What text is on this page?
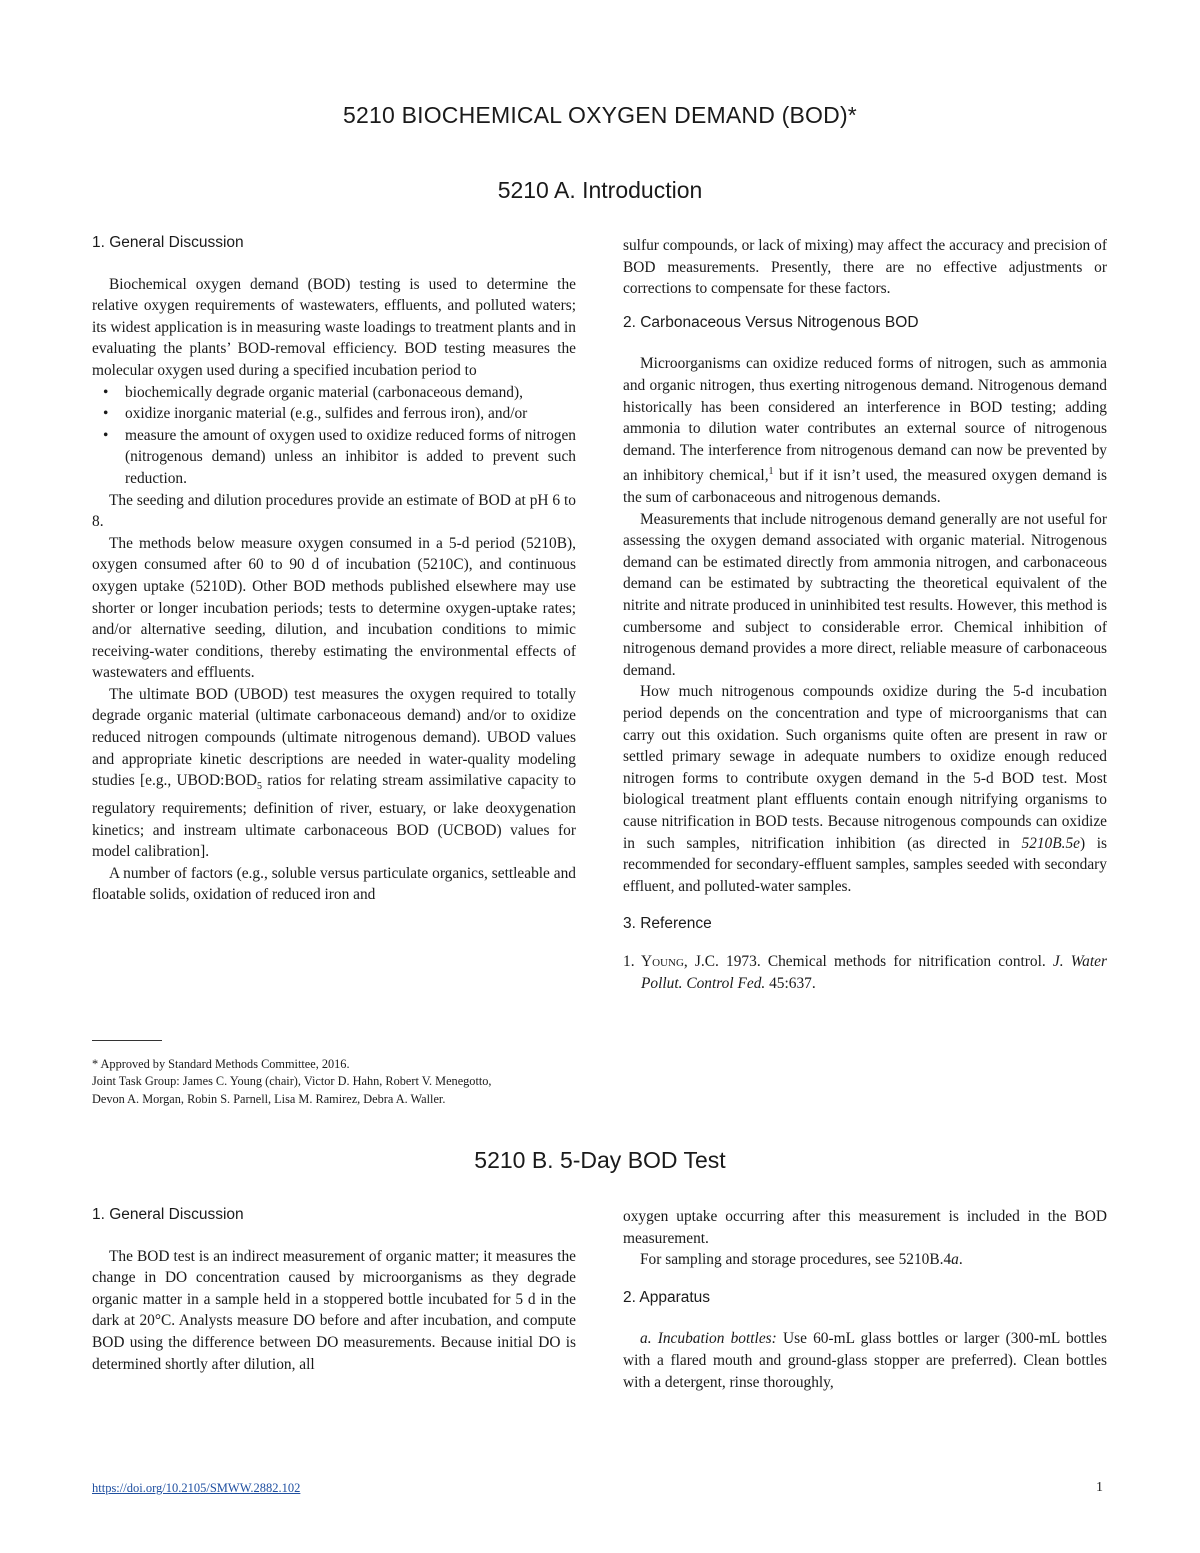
5210 BIOCHEMICAL OXYGEN DEMAND (BOD)*
5210 A. Introduction
1. General Discussion

Biochemical oxygen demand (BOD) testing is used to determine the relative oxygen requirements of wastewaters, effluents, and polluted waters; its widest application is in measuring waste loadings to treatment plants and in evaluating the plants’ BOD-removal efficiency. BOD testing measures the molecular oxygen used during a specified incubation period to

• biochemically degrade organic material (carbonaceous demand),
• oxidize inorganic material (e.g., sulfides and ferrous iron), and/or
• measure the amount of oxygen used to oxidize reduced forms of nitrogen (nitrogenous demand) unless an inhibitor is added to prevent such reduction.

The seeding and dilution procedures provide an estimate of BOD at pH 6 to 8.

The methods below measure oxygen consumed in a 5-d period (5210B), oxygen consumed after 60 to 90 d of incubation (5210C), and continuous oxygen uptake (5210D). Other BOD methods published elsewhere may use shorter or longer incubation periods; tests to determine oxygen-uptake rates; and/or alternative seeding, dilution, and incubation conditions to mimic receiving-water conditions, thereby estimating the environmental effects of wastewaters and effluents.

The ultimate BOD (UBOD) test measures the oxygen required to totally degrade organic material (ultimate carbonaceous demand) and/or to oxidize reduced nitrogen compounds (ultimate nitrogenous demand). UBOD values and appropriate kinetic descriptions are needed in water-quality modeling studies [e.g., $UBOD:BOD_5$ ratios for relating stream assimilative capacity to regulatory requirements; definition of river, estuary, or lake deoxygenation kinetics; and instream ultimate carbonaceous BOD (UCBOD) values for model calibration].

A number of factors (e.g., soluble versus particulate organics, settleable and floatable solids, oxidation of reduced iron and

* Approved by Standard Methods Committee, 2016.
Joint Task Group: James C. Young (chair), Victor D. Hahn, Robert V. Menegotto,
Devon A. Morgan, Robin S. Parnell, Lisa M. Ramirez, Debra A. Waller.

sulfur compounds, or lack of mixing) may affect the accuracy and precision of BOD measurements. Presently, there are no effective adjustments or corrections to compensate for these factors.

2. Carbonaceous Versus Nitrogenous BOD

Microorganisms can oxidize reduced forms of nitrogen, such as ammonia and organic nitrogen, thus exerting nitrogenous demand. Nitrogenous demand historically has been considered an interference in BOD testing; adding ammonia to dilution water contributes an external source of nitrogenous demand. The interference from nitrogenous demand can now be prevented by an inhibitory chemical,$^1$ but if it isn’t used, the measured oxygen demand is the sum of carbonaceous and nitrogenous demands.

Measurements that include nitrogenous demand generally are not useful for assessing the oxygen demand associated with organic material. Nitrogenous demand can be estimated directly from ammonia nitrogen, and carbonaceous demand can be estimated by subtracting the theoretical equivalent of the nitrite and nitrate produced in uninhibited test results. However, this method is cumbersome and subject to considerable error. Chemical inhibition of nitrogenous demand provides a more direct, reliable measure of carbonaceous demand.

How much nitrogenous compounds oxidize during the 5-d incubation period depends on the concentration and type of microorganisms that can carry out this oxidation. Such organisms quite often are present in raw or settled primary sewage in adequate numbers to oxidize enough reduced nitrogen forms to contribute oxygen demand in the 5-d BOD test. Most biological treatment plant effluents contain enough nitrifying organisms to cause nitrification in BOD tests. Because nitrogenous compounds can oxidize in such samples, nitrification inhibition (as directed in 5210B.5e) is recommended for secondary-effluent samples, samples seeded with secondary effluent, and polluted-water samples.

3. Reference
1. Young, J.C. 1973. Chemical methods for nitrification control. J. Water Pollut. Control Fed. 45:637.
5210 B. 5-Day BOD Test
1. General Discussion

The BOD test is an indirect measurement of organic matter; it measures the change in DO concentration caused by microorganisms as they degrade organic matter in a sample held in a stoppered bottle incubated for 5 d in the dark at 20°C. Analysts measure DO before and after incubation, and compute BOD using the difference between DO measurements. Because initial DO is determined shortly after dilution, all

oxygen uptake occurring after this measurement is included in the BOD measurement.

For sampling and storage procedures, see 5210B.4a.

2. Apparatus

a. Incubation bottles: Use 60-mL glass bottles or larger (300-mL bottles with a flared mouth and ground-glass stopper are preferred). Clean bottles with a detergent, rinse thoroughly,

https://doi.org/10.2105/SMWW.2882.102	1
